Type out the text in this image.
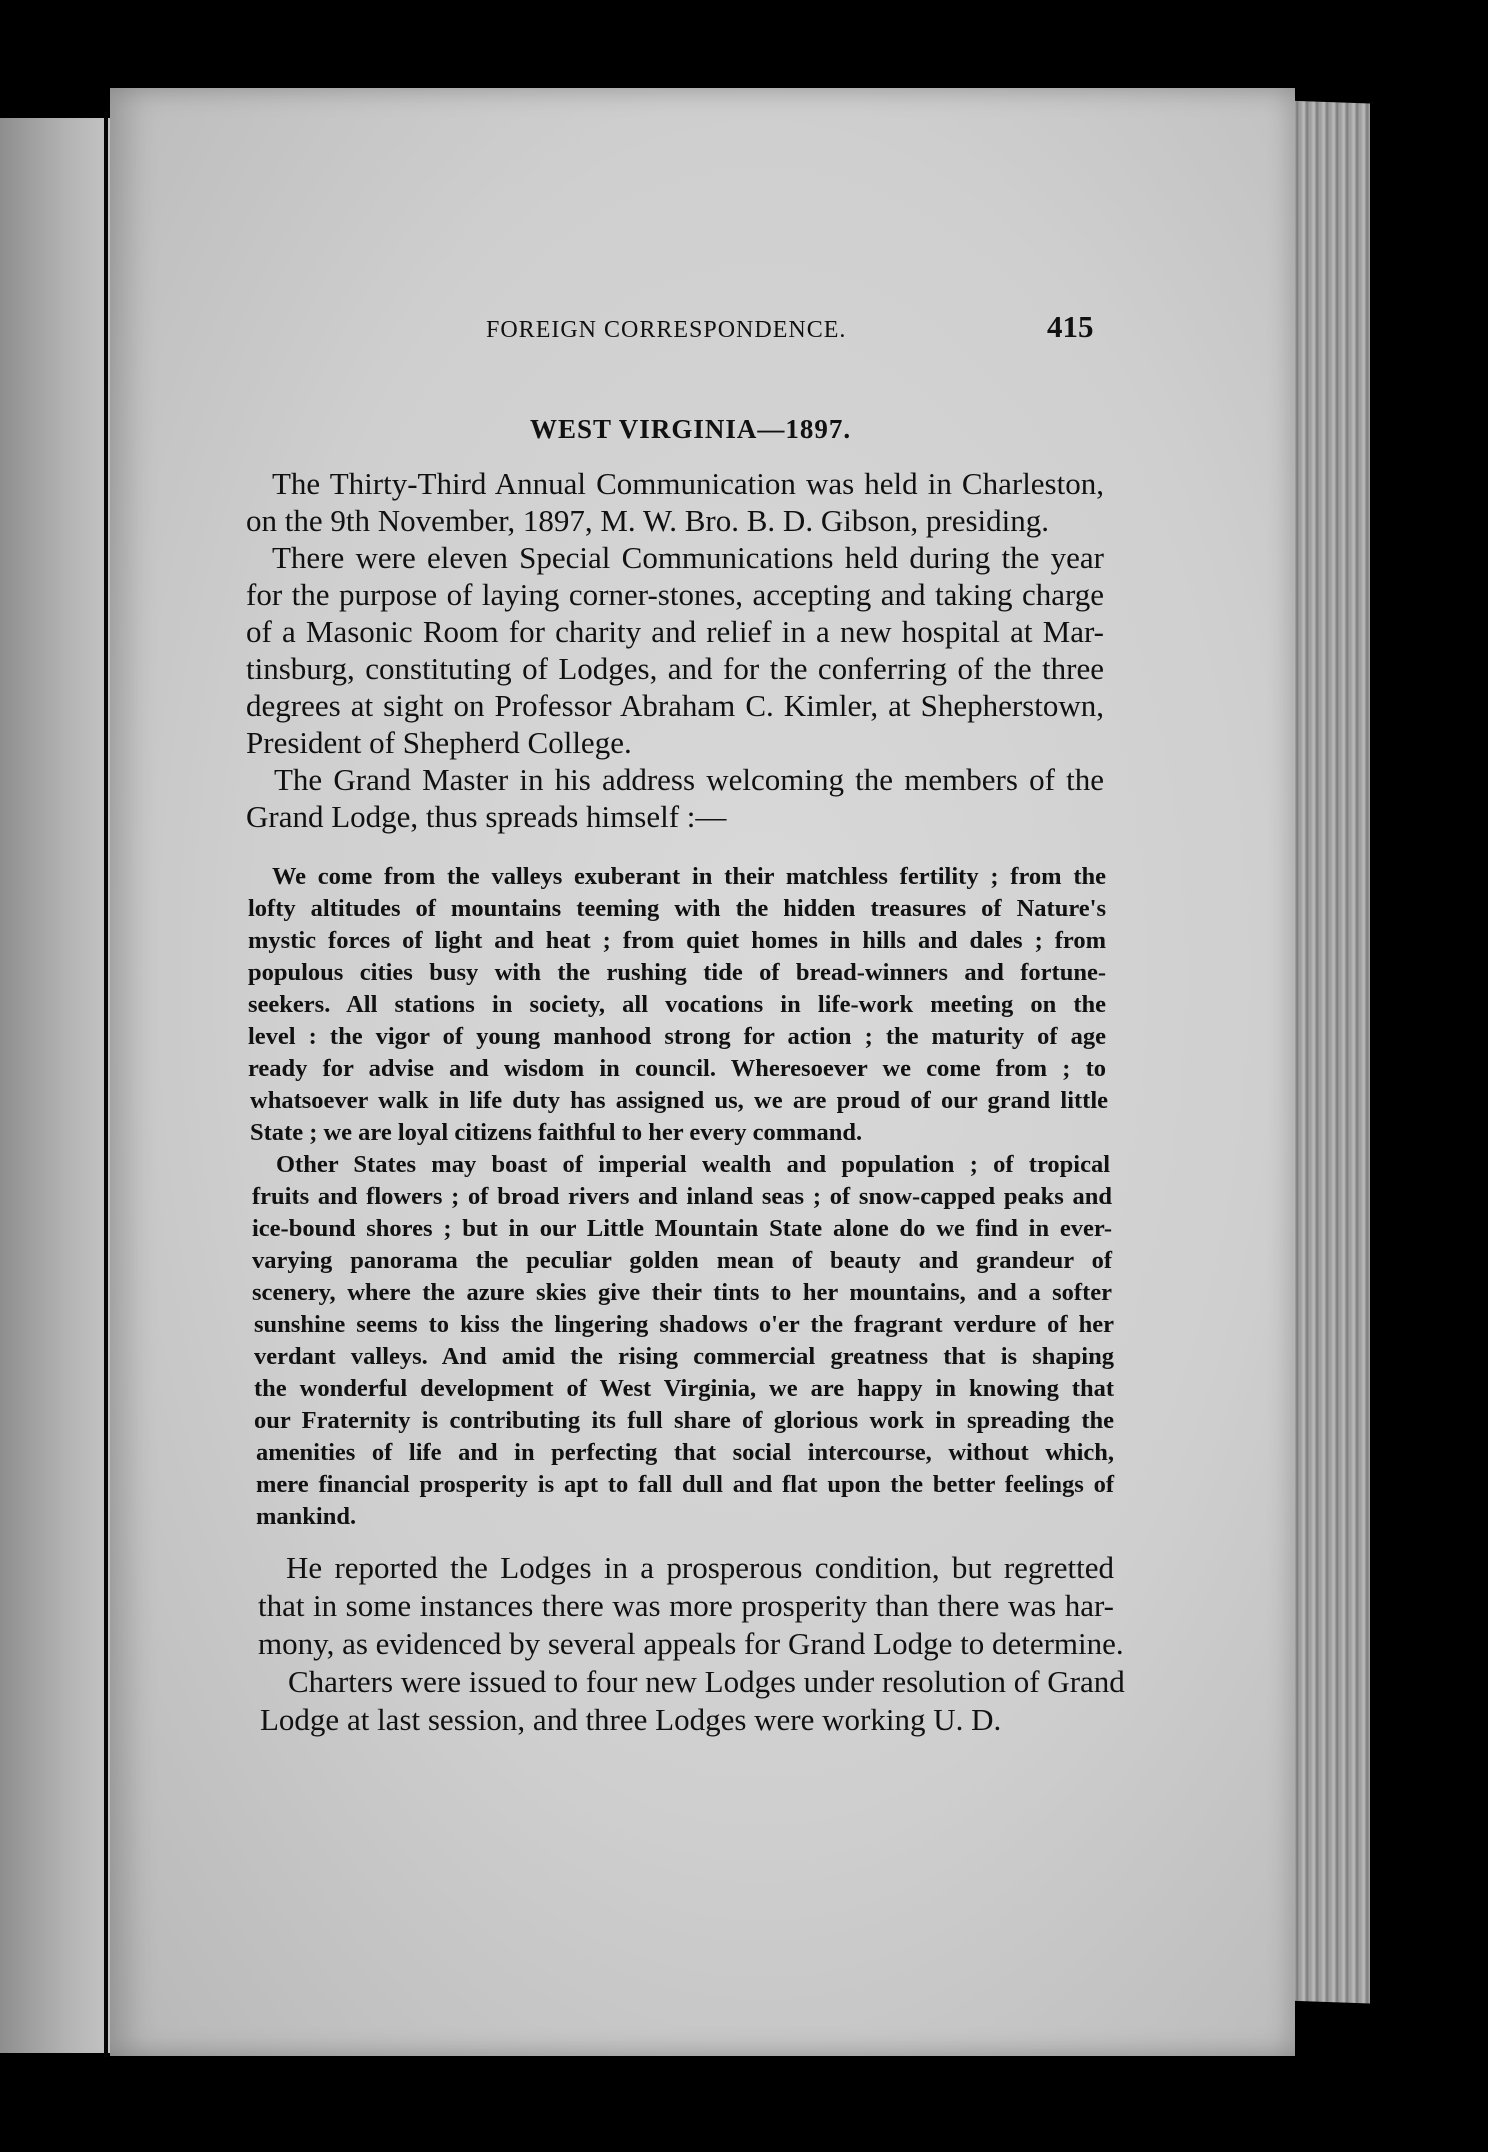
FOREIGN CORRESPONDENCE.	415
WEST VIRGINIA—1897.
The Thirty-Third Annual Communication was held in Charleston,
on the 9th November, 1897, M. W. Bro. B. D. Gibson, presiding.
There were eleven Special Communications held during the year
for the purpose of laying corner-stones, accepting and taking charge
of a Masonic Room for charity and relief in a new hospital at Mar-
tinsburg, constituting of Lodges, and for the conferring of the three
degrees at sight on Professor Abraham C. Kimler, at Shepherstown,
President of Shepherd College.
The Grand Master in his address welcoming the members of the
Grand Lodge, thus spreads himself :—
We come from the valleys exuberant in their matchless fertility ; from the
lofty altitudes of mountains teeming with the hidden treasures of Nature's
mystic forces of light and heat ; from quiet homes in hills and dales ; from
populous cities busy with the rushing tide of bread-winners and fortune-
seekers. All stations in society, all vocations in life-work meeting on the
level : the vigor of young manhood strong for action ; the maturity of age
ready for advise and wisdom in council. Wheresoever we come from ; to
whatsoever walk in life duty has assigned us, we are proud of our grand little
State ; we are loyal citizens faithful to her every command.
Other States may boast of imperial wealth and population ; of tropical
fruits and flowers ; of broad rivers and inland seas ; of snow-capped peaks and
ice-bound shores ; but in our Little Mountain State alone do we find in ever-
varying panorama the peculiar golden mean of beauty and grandeur of
scenery, where the azure skies give their tints to her mountains, and a softer
sunshine seems to kiss the lingering shadows o'er the fragrant verdure of her
verdant valleys. And amid the rising commercial greatness that is shaping
the wonderful development of West Virginia, we are happy in knowing that
our Fraternity is contributing its full share of glorious work in spreading the
amenities of life and in perfecting that social intercourse, without which,
mere financial prosperity is apt to fall dull and flat upon the better feelings of
mankind.
He reported the Lodges in a prosperous condition, but regretted
that in some instances there was more prosperity than there was har-
mony, as evidenced by several appeals for Grand Lodge to determine.
Charters were issued to four new Lodges under resolution of Grand
Lodge at last session, and three Lodges were working U. D.
